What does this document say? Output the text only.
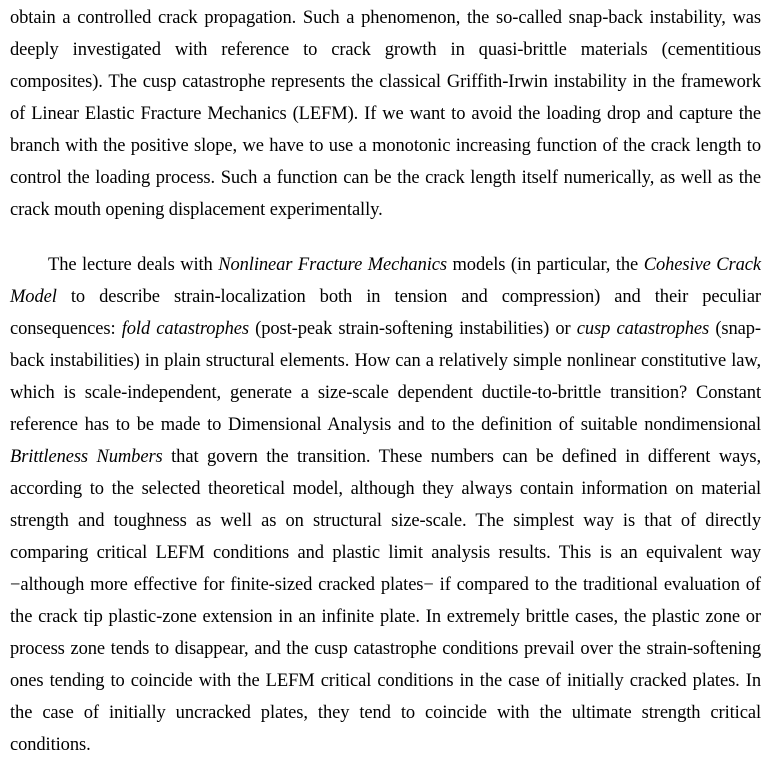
obtain a controlled crack propagation. Such a phenomenon, the so-called snap-back instability, was deeply investigated with reference to crack growth in quasi-brittle materials (cementitious composites). The cusp catastrophe represents the classical Griffith-Irwin instability in the framework of Linear Elastic Fracture Mechanics (LEFM). If we want to avoid the loading drop and capture the branch with the positive slope, we have to use a monotonic increasing function of the crack length to control the loading process. Such a function can be the crack length itself numerically, as well as the crack mouth opening displacement experimentally.

The lecture deals with Nonlinear Fracture Mechanics models (in particular, the Cohesive Crack Model to describe strain-localization both in tension and compression) and their peculiar consequences: fold catastrophes (post-peak strain-softening instabilities) or cusp catastrophes (snap-back instabilities) in plain structural elements. How can a relatively simple nonlinear constitutive law, which is scale-independent, generate a size-scale dependent ductile-to-brittle transition? Constant reference has to be made to Dimensional Analysis and to the definition of suitable nondimensional Brittleness Numbers that govern the transition. These numbers can be defined in different ways, according to the selected theoretical model, although they always contain information on material strength and toughness as well as on structural size-scale. The simplest way is that of directly comparing critical LEFM conditions and plastic limit analysis results. This is an equivalent way −although more effective for finite-sized cracked plates− if compared to the traditional evaluation of the crack tip plastic-zone extension in an infinite plate. In extremely brittle cases, the plastic zone or process zone tends to disappear, and the cusp catastrophe conditions prevail over the strain-softening ones tending to coincide with the LEFM critical conditions in the case of initially cracked plates. In the case of initially uncracked plates, they tend to coincide with the ultimate strength critical conditions.
